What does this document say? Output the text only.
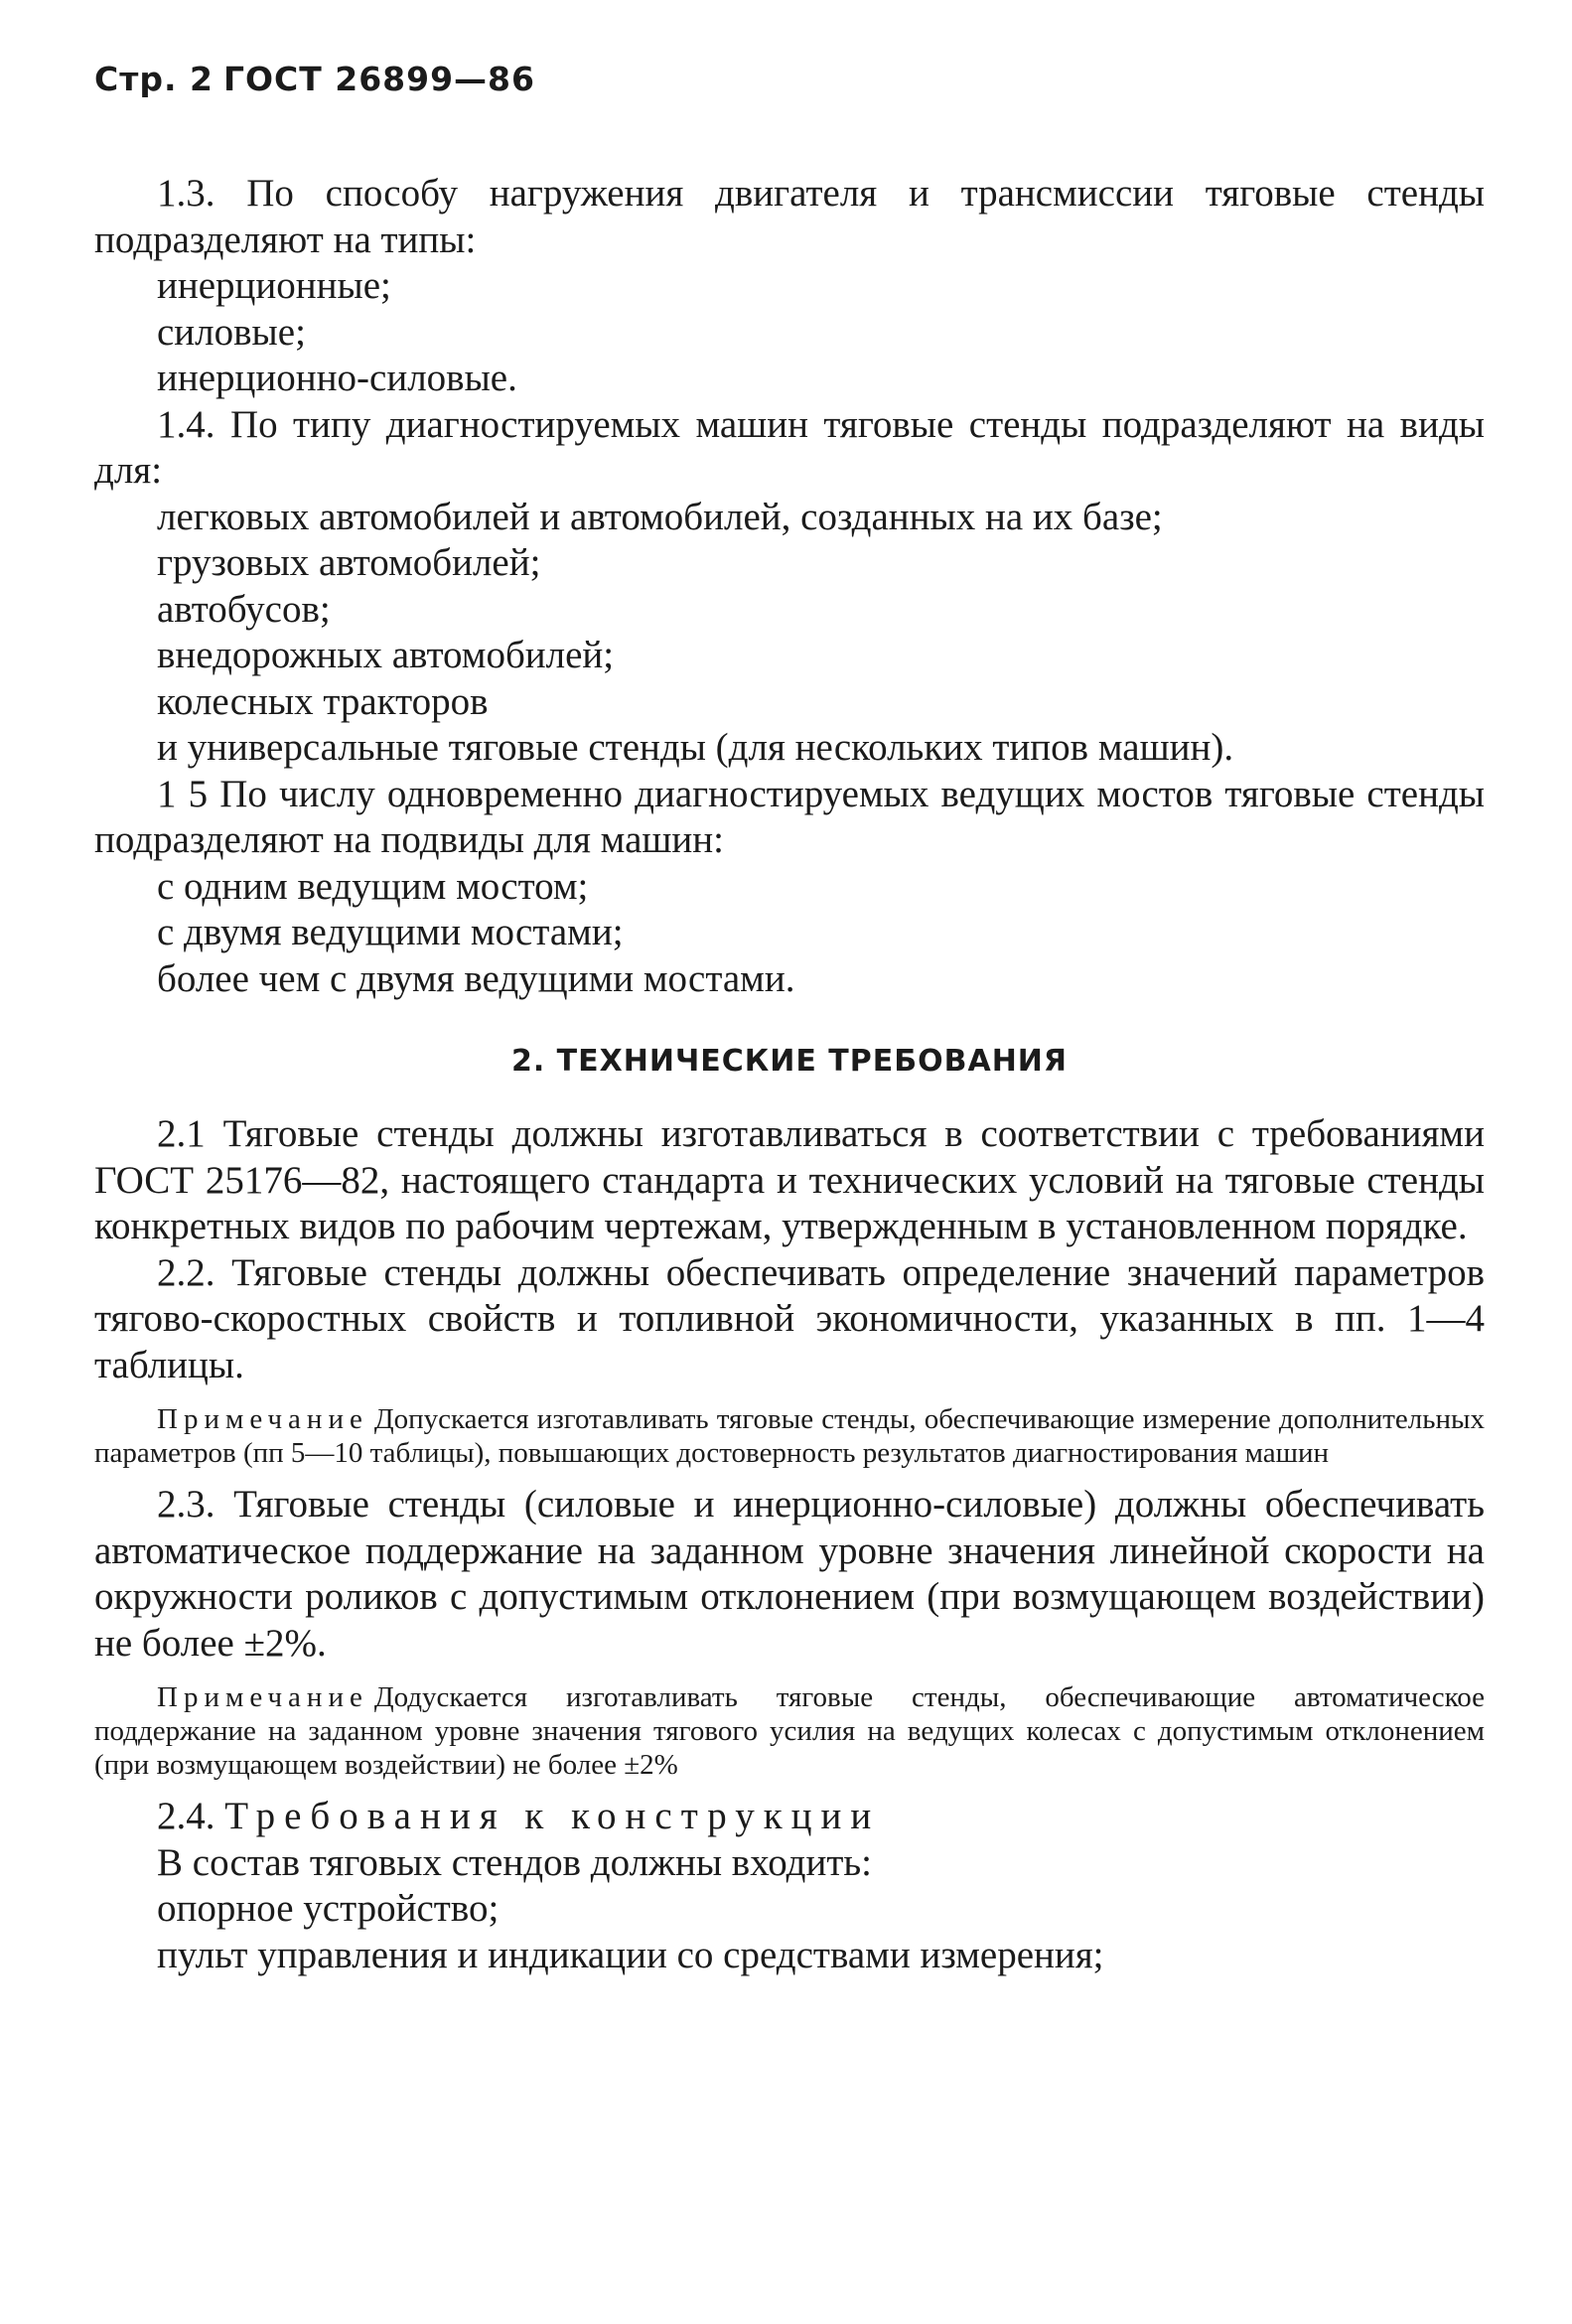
Стр. 2 ГОСТ 26899—86

1.3. По способу нагружения двигателя и трансмиссии тяговые стенды подразделяют на типы:

инерционные;

силовые;

инерционно-силовые.

1.4. По типу диагностируемых машин тяговые стенды подразделяют на виды для:

легковых автомобилей и автомобилей, созданных на их базе;

грузовых автомобилей;

автобусов;

внедорожных автомобилей;

колесных тракторов

и универсальные тяговые стенды (для нескольких типов машин).

1 5 По числу одновременно диагностируемых ведущих мостов тяговые стенды подразделяют на подвиды для машин:

с одним ведущим мостом;

с двумя ведущими мостами;

более чем с двумя ведущими мостами.

2. ТЕХНИЧЕСКИЕ ТРЕБОВАНИЯ

2.1 Тяговые стенды должны изготавливаться в соответствии с требованиями ГОСТ 25176—82, настоящего стандарта и технических условий на тяговые стенды конкретных видов по рабочим чертежам, утвержденным в установленном порядке.

2.2. Тяговые стенды должны обеспечивать определение значений параметров тягово-скоростных свойств и топливной экономичности, указанных в пп. 1—4 таблицы.

Примечание Допускается изготавливать тяговые стенды, обеспечивающие измерение дополнительных параметров (пп 5—10 таблицы), повышающих достоверность результатов диагностирования машин

2.3. Тяговые стенды (силовые и инерционно-силовые) должны обеспечивать автоматическое поддержание на заданном уровне значения линейной скорости на окружности роликов с допустимым отклонением (при возмущающем воздействии) не более ±2%.

Примечание Додускается изготавливать тяговые стенды, обеспечивающие автоматическое поддержание на заданном уровне значения тягового усилия на ведущих колесах с допустимым отклонением (при возмущающем воздействии) не более ±2%

2.4. Требования к конструкции

В состав тяговых стендов должны входить:

опорное устройство;

пульт управления и индикации со средствами измерения;
